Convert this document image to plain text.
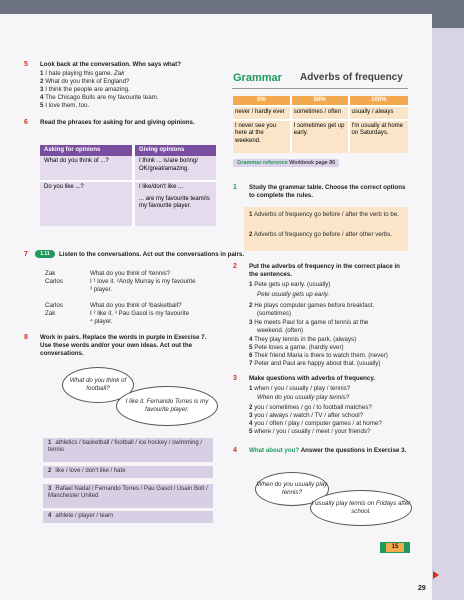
5 Look back at the conversation. Who says what?
1 I hate playing this game. Zak
2 What do you think of England?
3 I think the people are amazing.
4 The Chicago Bulls are my favourite team.
5 I love them, too.
6 Read the phrases for asking for and giving opinions.
Asking for opinions		Giving opinions
What do you think of ...?		I think ... is/are boring/ OK/great/amazing.
Do you like ...?		I like/don't like ...
... are my favourite team/is my favourite player.
7	1.11	Listen to the conversations. Act out the conversations in pairs.
Zak	What do you think of ¹tennis?
Carlos	I ¹ love it. ²Andy Murray is my favourite
³ player.
Carlos	What do you think of ¹basketball?
Zak	I ² like it. ³ Pau Gasol is my favourite
⁴ player.
8 Work in pairs. Replace the words in purple in Exercise 7. Use these words and/or your own ideas. Act out the conversations.
What do you think of football?
I like it. Fernando Torres is my favourite player.
1 athletics / basketball / football / ice hockey / swimming / tennis
2 like / love / don't like / hate
3 Rafael Nadal / Fernando Torres / Pau Gasol / Usain Bolt / Manchester United
4 athlete / player / team
Grammar Adverbs of frequency
0%	50%	100%
never / hardly ever	sometimes / often	usually / always
I never see you here at the weekend.	I sometimes get up early.	I'm usually at home on Saturdays.
Grammar reference Workbook page 86
1 Study the grammar table. Choose the correct options to complete the rules.
1 Adverbs of frequency go before / after the verb to be.
2 Adverbs of frequency go before / after other verbs.
2 Put the adverbs of frequency in the correct place in the sentences.
1 Pete gets up early. (usually)
Pete usually gets up early.
2 He plays computer games before breakfast.
(sometimes)
3 He meets Paul for a game of tennis at the
weekend. (often)
4 They play tennis in the park. (always)
5 Pete loses a game. (hardly ever)
6 Their friend Maria is there to watch them. (never)
7 Peter and Paul are happy about that. (usually)
3 Make questions with adverbs of frequency.
1 when / you / usually / play / tennis?
When do you usually play tennis?
2 you / sometimes / go / to football matches?
3 you / always / watch / TV / after school?
4 you / often / play / computer games / at home?
5 where / you / usually / meet / your friends?
4 What about you? Answer the questions in Exercise 3.
When do you usually play tennis?
I usually play tennis on Fridays after school.
15
29
